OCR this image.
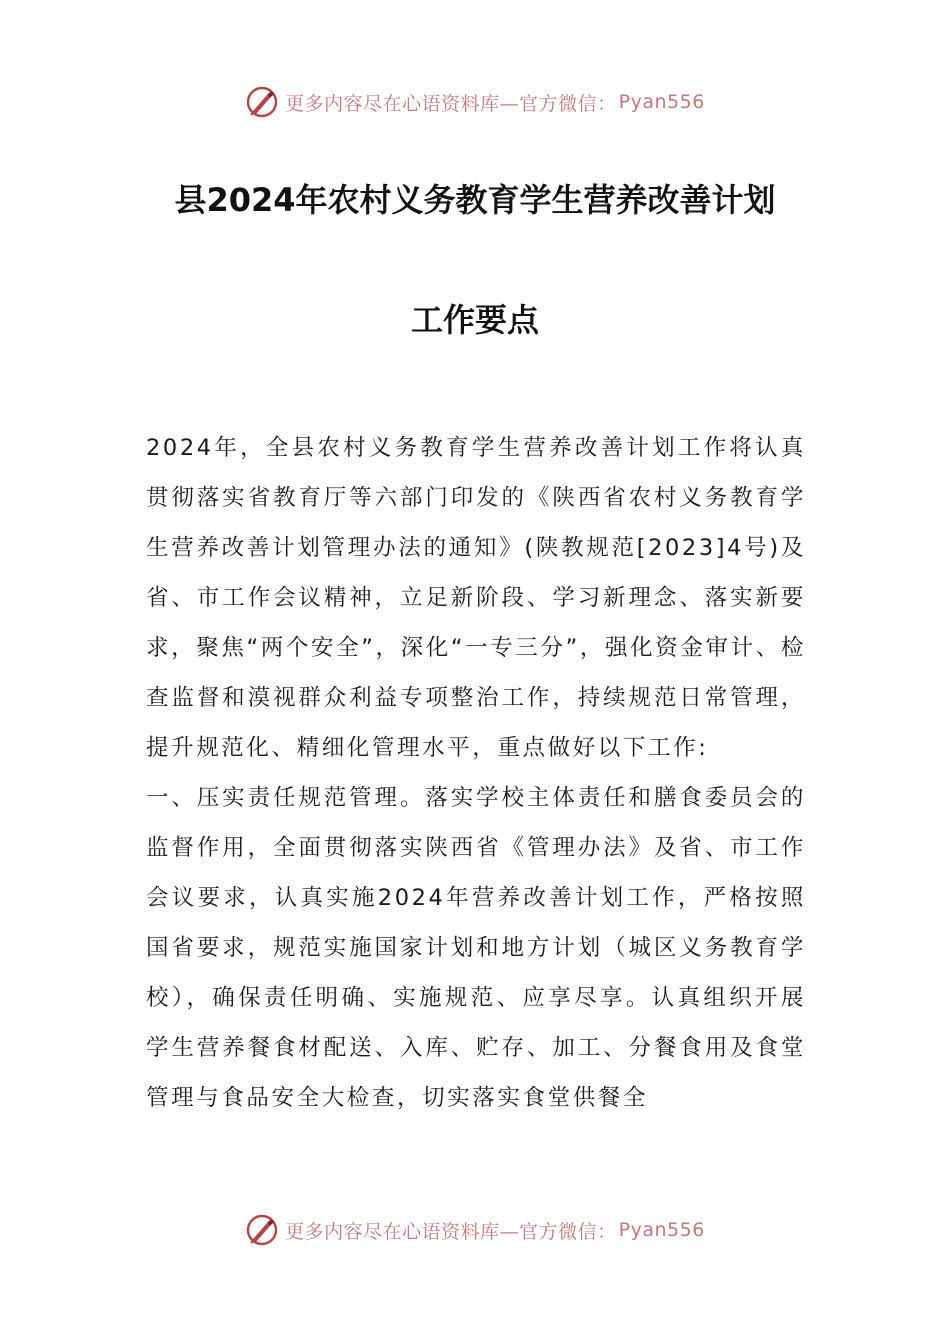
更多内容尽在心语资料库—官方微信： Pyan556
县2024年农村义务教育学生营养改善计划
工作要点

2024年，全县农村义务教育学生营养改善计划工作将认真贯彻落实省教育厅等六部门印发的《陕西省农村义务教育学生营养改善计划管理办法的通知》(陕教规范[2023]4号)及省、市工作会议精神，立足新阶段、学习新理念、落实新要求，聚焦“两个安全”，深化“一专三分”，强化资金审计、检查监督和漠视群众利益专项整治工作，持续规范日常管理，提升规范化、精细化管理水平，重点做好以下工作:

一、压实责任规范管理。落实学校主体责任和膳食委员会的监督作用，全面贯彻落实陕西省《管理办法》及省、市工作会议要求，认真实施2024年营养改善计划工作，严格按照国省要求，规范实施国家计划和地方计划（城区义务教育学校），确保责任明确、实施规范、应享尽享。认真组织开展学生营养餐食材配送、入库、贮存、加工、分餐食用及食堂管理与食品安全大检查，切实落实食堂供餐全

更多内容尽在心语资料库—官方微信： Pyan556
